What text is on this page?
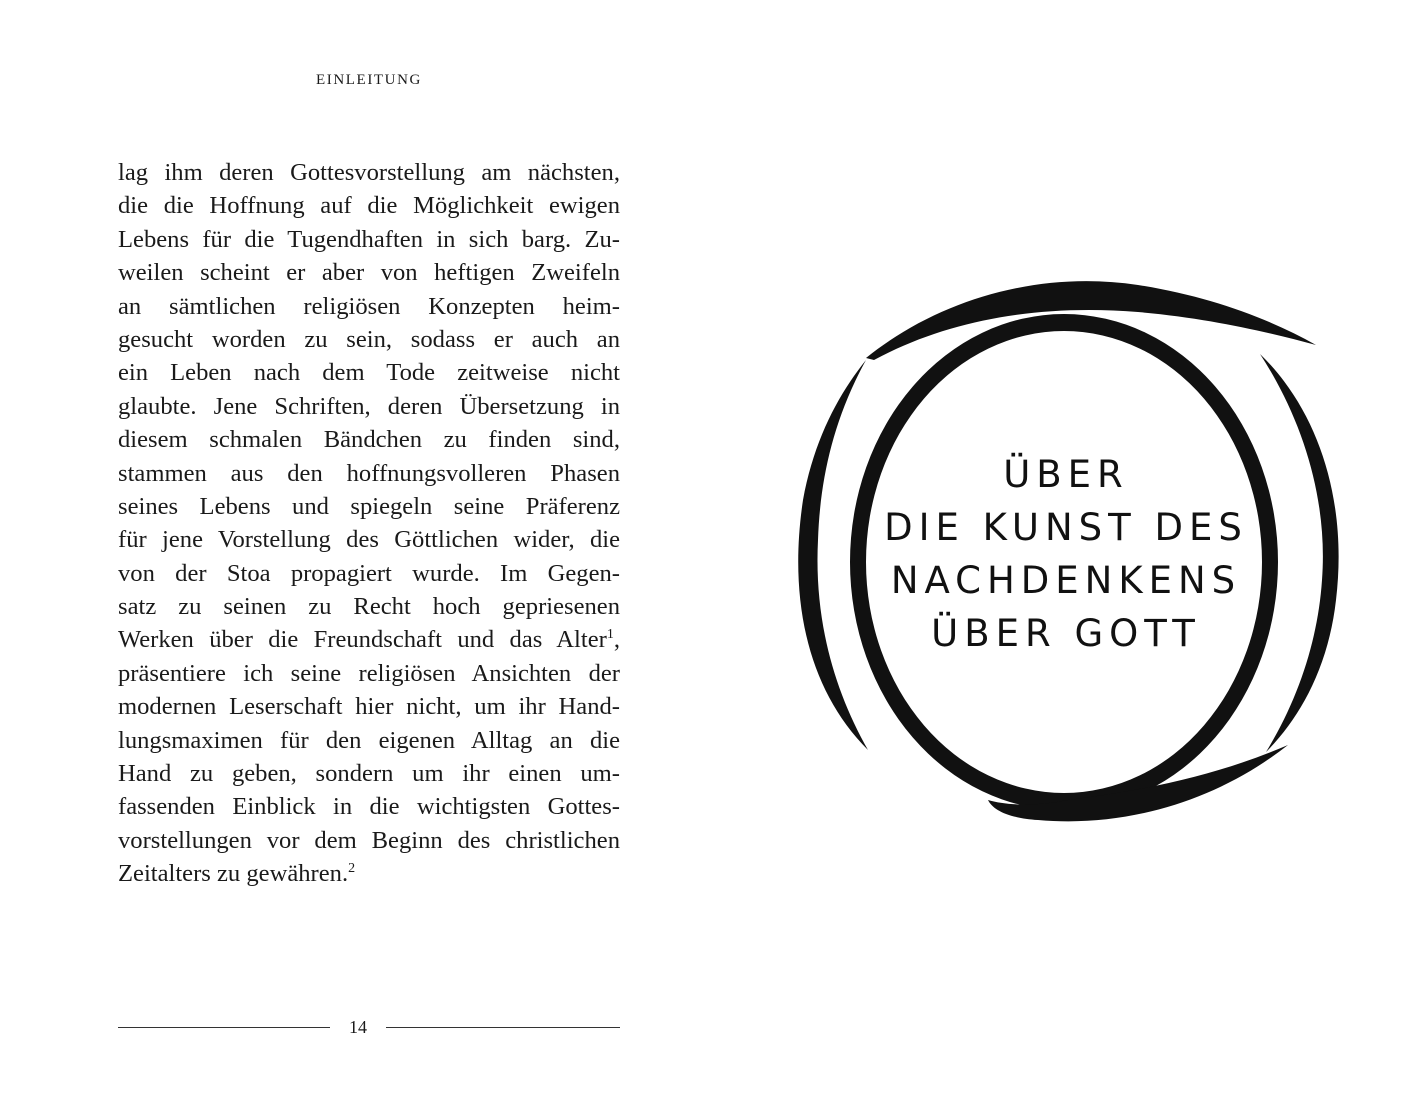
EINLEITUNG
lag ihm deren Gottesvorstellung am nächsten,
die die Hoffnung auf die Möglichkeit ewigen
Lebens für die Tugendhaften in sich barg. Zu-
weilen scheint er aber von heftigen Zweifeln
an sämtlichen religiösen Konzepten heim-
gesucht worden zu sein, sodass er auch an
ein Leben nach dem Tode zeitweise nicht
glaubte. Jene Schriften, deren Übersetzung in
diesem schmalen Bändchen zu finden sind,
stammen aus den hoffnungsvolleren Phasen
seines Lebens und spiegeln seine Präferenz
für jene Vorstellung des Göttlichen wider, die
von der Stoa propagiert wurde. Im Gegen-
satz zu seinen zu Recht hoch gepriesenen
Werken über die Freundschaft und das Alter$^1$,
präsentiere ich seine religiösen Ansichten der
modernen Leserschaft hier nicht, um ihr Hand-
lungsmaximen für den eigenen Alltag an die
Hand zu geben, sondern um ihr einen um-
fassenden Einblick in die wichtigsten Gottes-
vorstellungen vor dem Beginn des christlichen
Zeitalters zu gewähren.$^2$
14
ÜBER
DIE KUNST DES
NACHDENKENS
ÜBER GOTT
